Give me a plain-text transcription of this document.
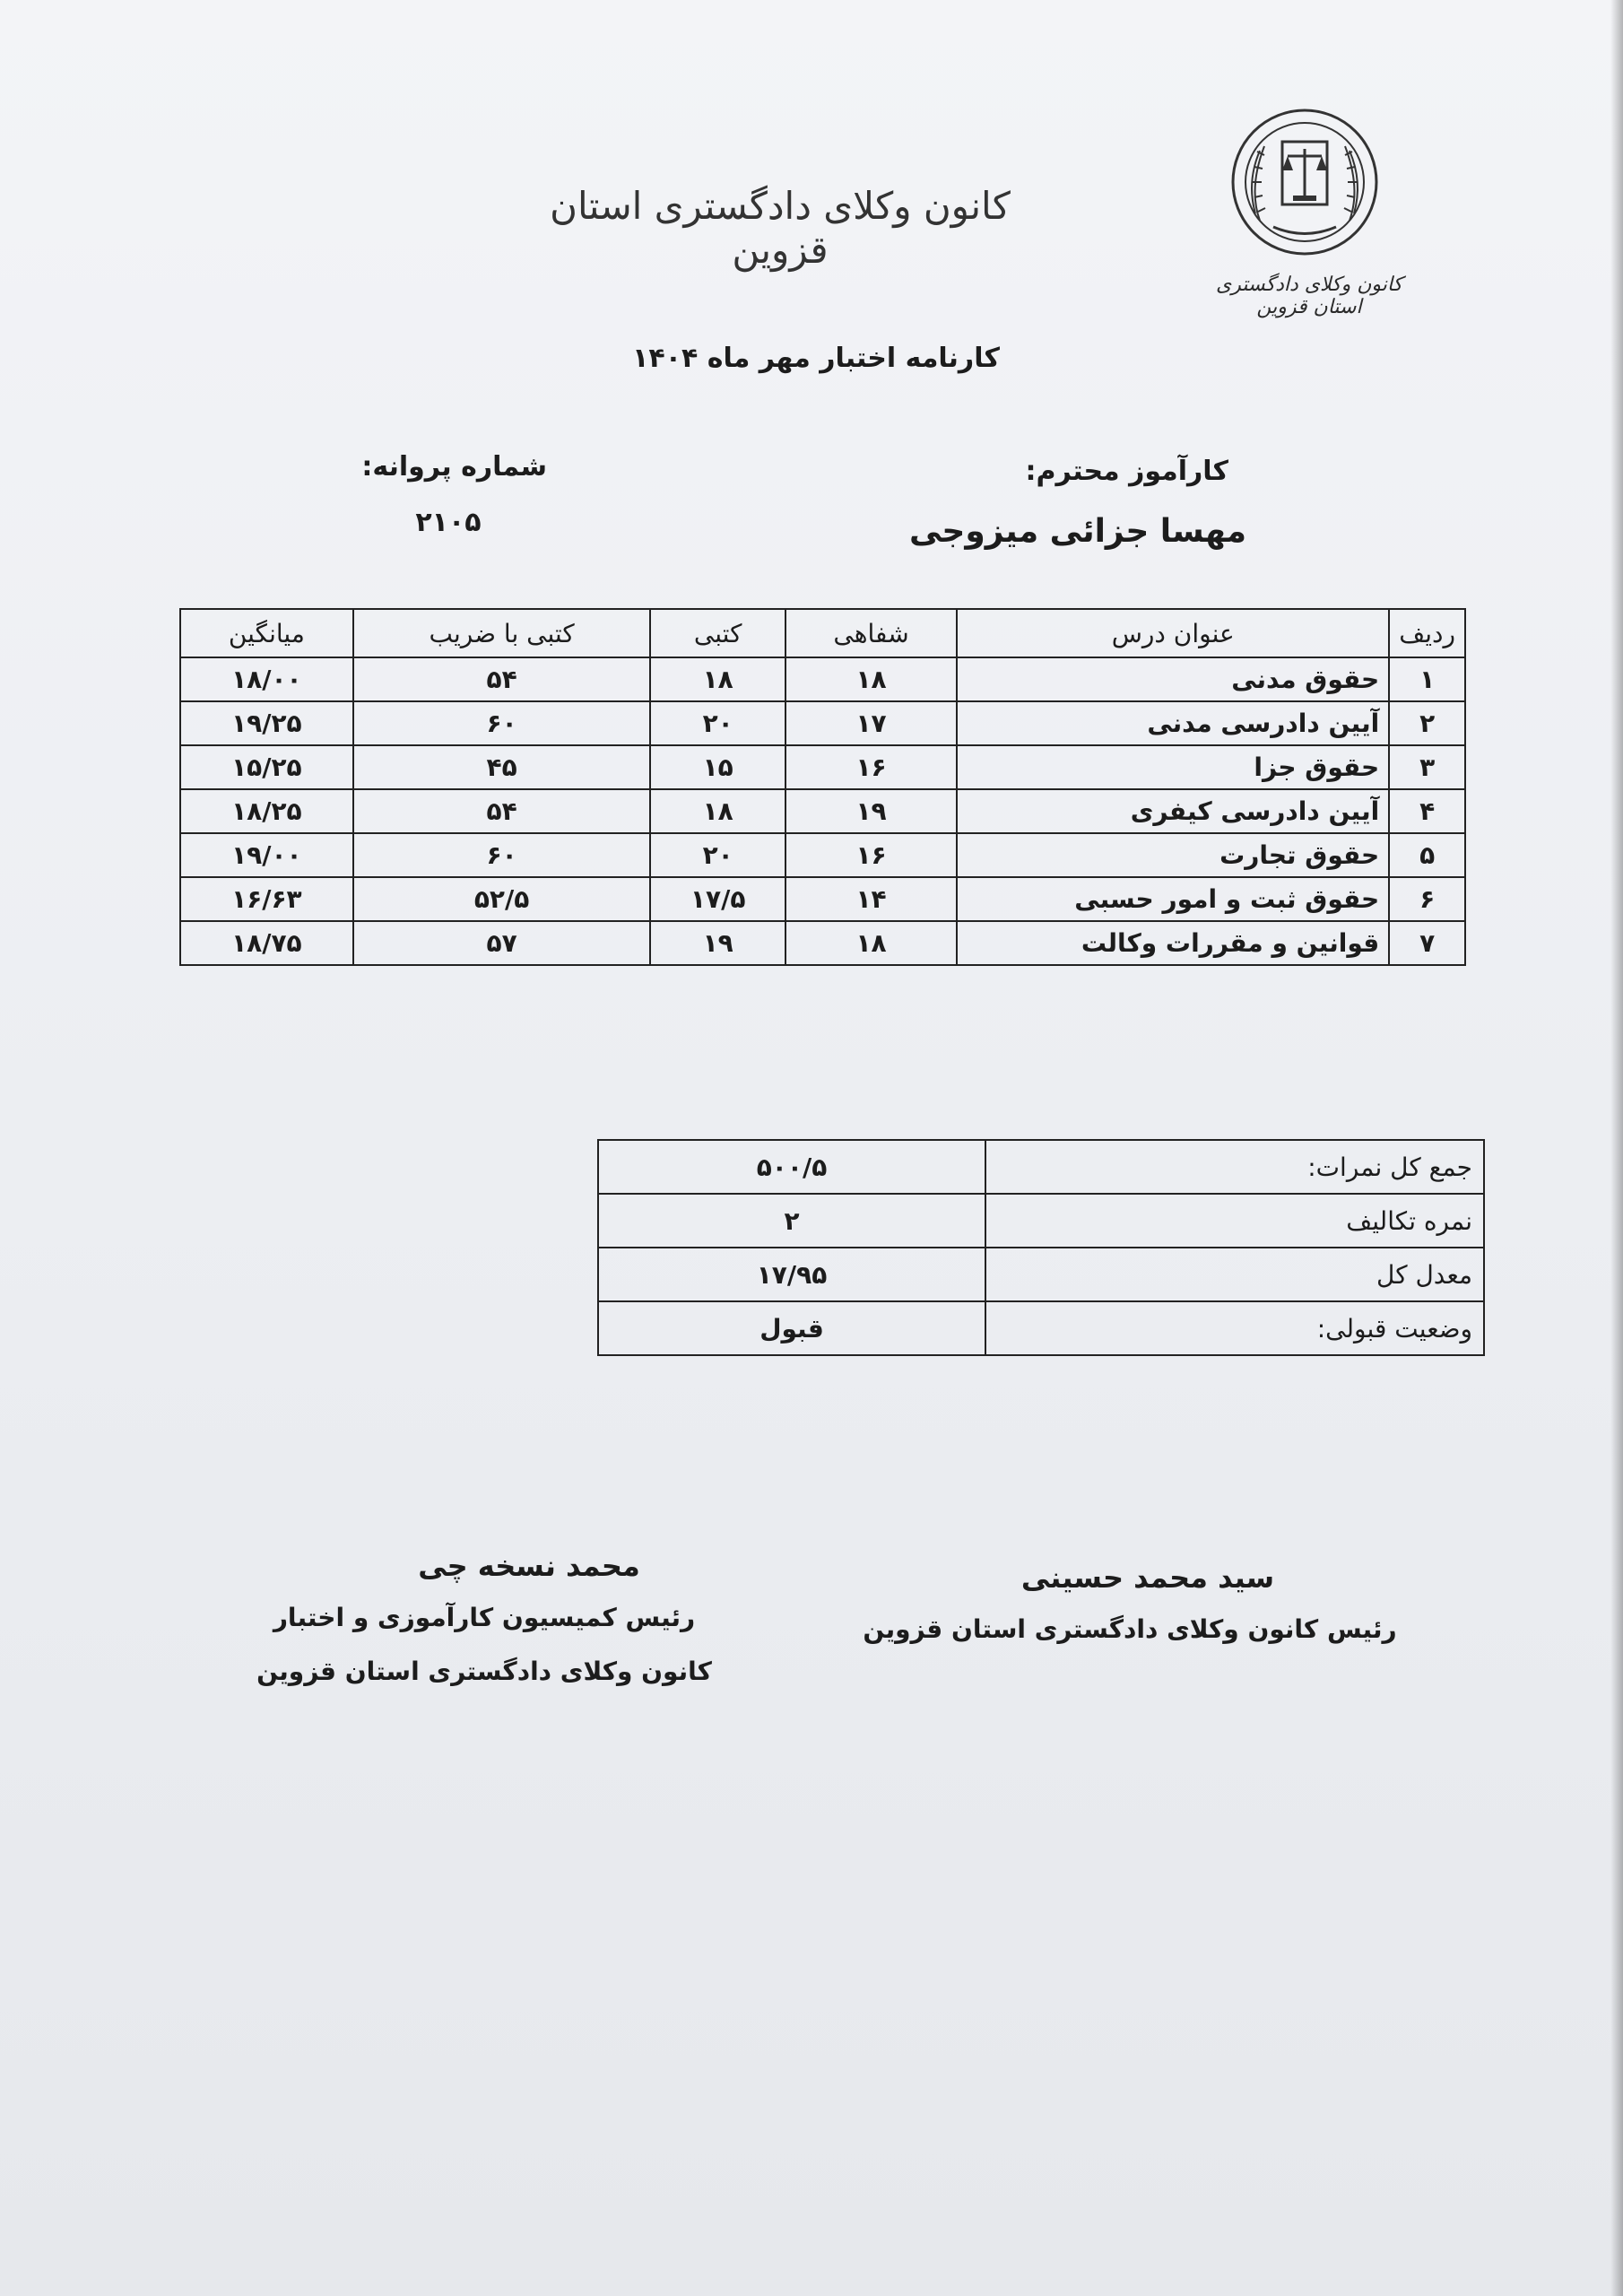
کانون وکلای دادگستری استان قزوین
کانون وکلای دادگستری استان قزوین
کارنامه اختبار مهر ماه ۱۴۰۴
کارآموز محترم:
مهسا جزائی میزوجی
شماره پروانه:
۲۱۰۵
ردیف	عنوان درس	شفاهی	کتبی	کتبی با ضریب	میانگین
۱	حقوق مدنی	۱۸	۱۸	۵۴	۱۸/۰۰
۲	آیین دادرسی مدنی	۱۷	۲۰	۶۰	۱۹/۲۵
۳	حقوق جزا	۱۶	۱۵	۴۵	۱۵/۲۵
۴	آیین دادرسی کیفری	۱۹	۱۸	۵۴	۱۸/۲۵
۵	حقوق تجارت	۱۶	۲۰	۶۰	۱۹/۰۰
۶	حقوق ثبت و امور حسبی	۱۴	۱۷/۵	۵۲/۵	۱۶/۶۳
۷	قوانین و مقررات وکالت	۱۸	۱۹	۵۷	۱۸/۷۵
جمع کل نمرات:	۵۰۰/۵
نمره تکالیف	۲
معدل کل	۱۷/۹۵
وضعیت قبولی:	قبول
سید محمد حسینی
رئیس کانون وکلای دادگستری استان قزوین
محمد نسخه چی
رئیس کمیسیون کارآموزی و اختبار
کانون وکلای دادگستری استان قزوین
